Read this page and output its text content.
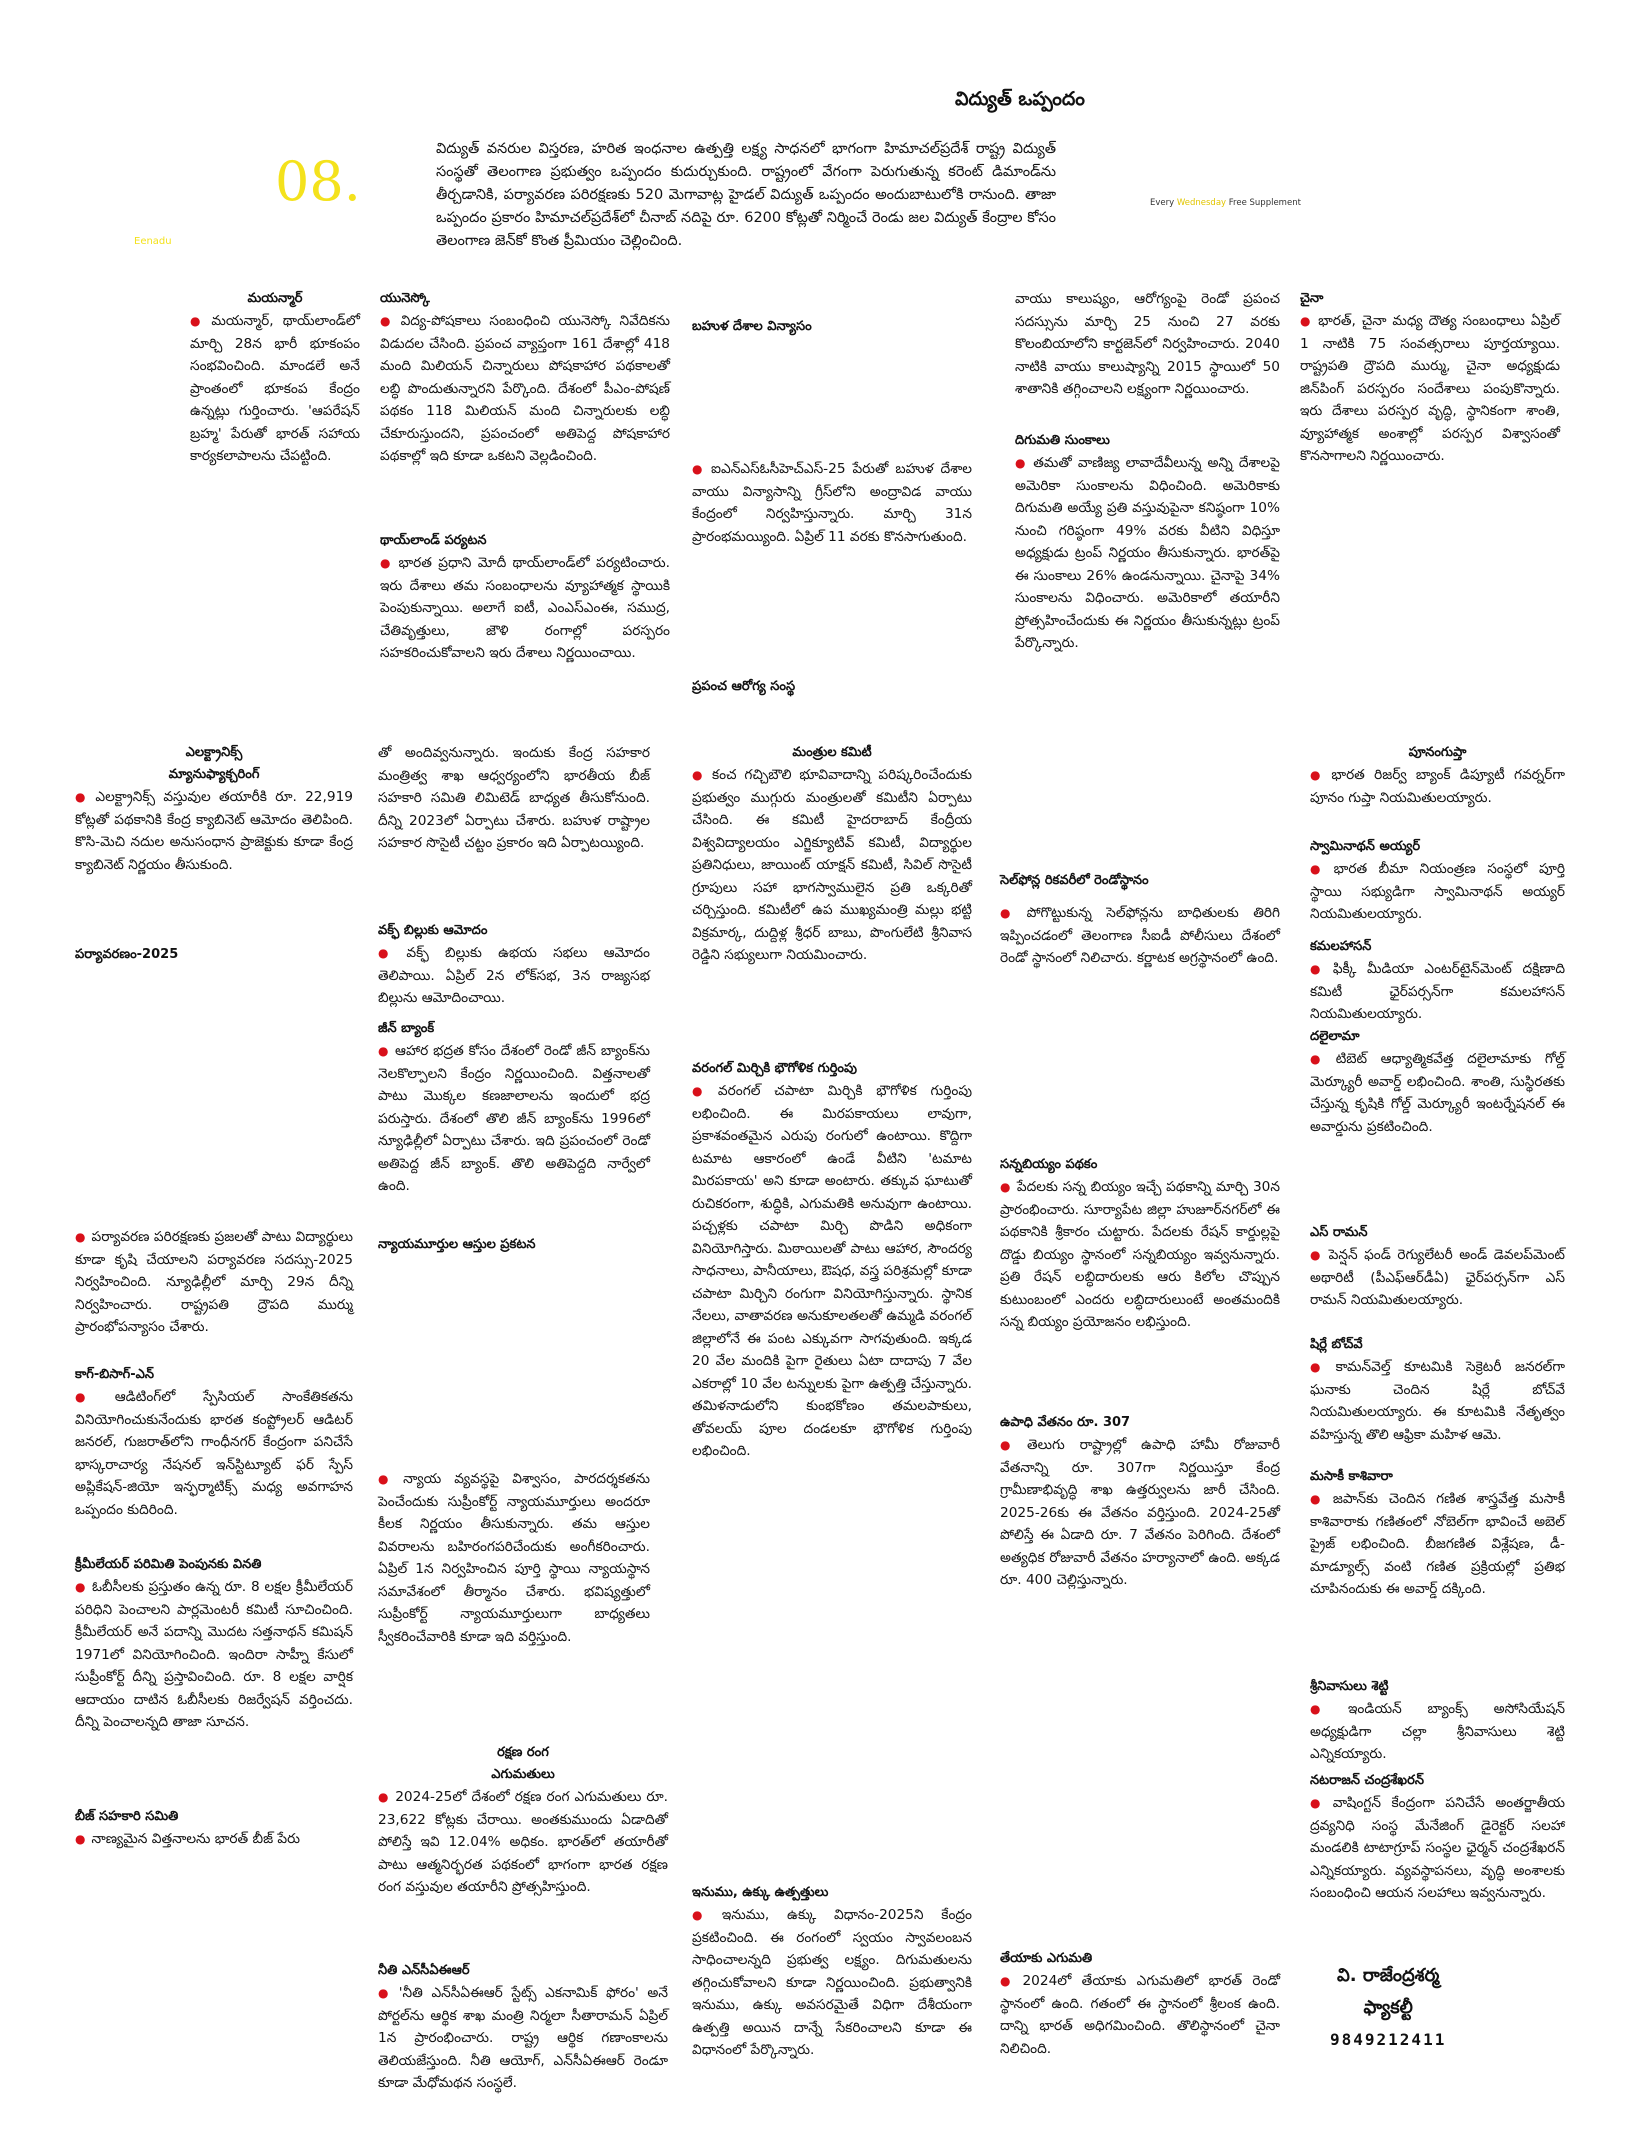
08.
Eenadu
విద్యుత్ ఒప్పందం
విద్యుత్ వనరుల విస్తరణ, హరిత ఇంధనాల ఉత్పత్తి లక్ష్య సాధనలో భాగంగా హిమాచల్‌ప్రదేశ్ రాష్ట్ర విద్యుత్ సంస్థతో తెలంగాణ ప్రభుత్వం ఒప్పందం కుదుర్చుకుంది. రాష్ట్రంలో వేగంగా పెరుగుతున్న కరెంట్ డిమాండ్‌ను తీర్చడానికి, పర్యావరణ పరిరక్షణకు 520 మెగావాట్ల హైడల్ విద్యుత్ ఒప్పందం అందుబాటులోకి రానుంది. తాజా ఒప్పందం ప్రకారం హిమాచల్‌ప్రదేశ్‌లో చీనాబ్ నదిపై రూ. 6200 కోట్లతో నిర్మించే రెండు జల విద్యుత్ కేంద్రాల కోసం తెలంగాణ జెన్‌కో కొంత ప్రీమియం చెల్లించింది.
Every Wednesday Free Supplement
మయన్మార్

● మయన్మార్, థాయ్‌లాండ్‌లో మార్చి 28న భారీ భూకంపం సంభవించింది. మాండలే అనే ప్రాంతంలో భూకంప కేంద్రం ఉన్నట్లు గుర్తించారు. 'ఆపరేషన్ బ్రహ్మ' పేరుతో భారత్ సహాయ కార్యకలాపాలను చేపట్టింది.

యునెస్కో

● విద్య-పోషకాలు సంబంధించి యునెస్కో నివేదికను విడుదల చేసింది. ప్రపంచ వ్యాప్తంగా 161 దేశాల్లో 418 మంది మిలియన్ చిన్నారులు పోషకాహార పథకాలతో లబ్ధి పొందుతున్నారని పేర్కొంది. దేశంలో పీఎం-పోషణ్ పథకం 118 మిలియన్ మంది చిన్నారులకు లబ్ధి చేకూరుస్తుందని, ప్రపంచంలో అతిపెద్ద పోషకాహార పథకాల్లో ఇది కూడా ఒకటని వెల్లడించింది.

థాయ్‌లాండ్ పర్యటన

● భారత ప్రధాని మోదీ థాయ్‌లాండ్‌లో పర్యటించారు. ఇరు దేశాలు తమ సంబంధాలను వ్యూహాత్మక స్థాయికి పెంపుకున్నాయి. అలాగే ఐటీ, ఎంఎస్ఎంఈ, సముద్ర, చేతివృత్తులు, జౌళి రంగాల్లో పరస్పరం సహకరించుకోవాలని ఇరు దేశాలు నిర్ణయించాయి.

బహుళ దేశాల విన్యాసం

● ఐఎన్ఎస్ఓసీహెచ్ఎస్-25 పేరుతో బహుళ దేశాల వాయు విన్యాసాన్ని గ్రీస్‌లోని అంద్రావిడ వాయు కేంద్రంలో నిర్వహిస్తున్నారు. మార్చి 31న ప్రారంభమయ్యింది. ఏప్రిల్ 11 వరకు కొనసాగుతుంది.

ప్రపంచ ఆరోగ్య సంస్థ

వాయు కాలుష్యం, ఆరోగ్యంపై రెండో ప్రపంచ సదస్సును మార్చి 25 నుంచి 27 వరకు కొలంబియాలోని కార్టజెన్‌లో నిర్వహించారు. 2040 నాటికి వాయు కాలుష్యాన్ని 2015 స్థాయిలో 50 శాతానికి తగ్గించాలని లక్ష్యంగా నిర్ణయించారు.

దిగుమతి సుంకాలు

● తమతో వాణిజ్య లావాదేవీలున్న అన్ని దేశాలపై అమెరికా సుంకాలను విధించింది. అమెరికాకు దిగుమతి అయ్యే ప్రతి వస్తువుపైనా కనిష్ఠంగా 10% నుంచి గరిష్ఠంగా 49% వరకు వీటిని విధిస్తూ అధ్యక్షుడు ట్రంప్ నిర్ణయం తీసుకున్నారు. భారత్‌పై ఈ సుంకాలు 26% ఉండనున్నాయి. చైనాపై 34% సుంకాలను విధించారు. అమెరికాలో తయారీని ప్రోత్సహించేందుకు ఈ నిర్ణయం తీసుకున్నట్లు ట్రంప్ పేర్కొన్నారు.

చైనా

● భారత్, చైనా మధ్య దౌత్య సంబంధాలు ఏప్రిల్ 1 నాటికి 75 సంవత్సరాలు పూర్తయ్యాయి. రాష్ట్రపతి ద్రౌపది ముర్ము, చైనా అధ్యక్షుడు జిన్‌పింగ్ పరస్పరం సందేశాలు పంపుకొన్నారు. ఇరు దేశాలు పరస్పర వృద్ధి, స్థానికంగా శాంతి, వ్యూహాత్మక అంశాల్లో పరస్పర విశ్వాసంతో కొనసాగాలని నిర్ణయించారు.

ఎలక్ట్రానిక్స్
మ్యానుఫ్యాక్చరింగ్

● ఎలక్ట్రానిక్స్ వస్తువుల తయారీకి రూ. 22,919 కోట్లతో పథకానికి కేంద్ర క్యాబినెట్ ఆమోదం తెలిపింది. కొసి-మెచి నదుల అనుసంధాన ప్రాజెక్టుకు కూడా కేంద్ర క్యాబినెట్ నిర్ణయం తీసుకుంది.

పర్యావరణం-2025

● పర్యావరణ పరిరక్షణకు ప్రజలతో పాటు విద్యార్థులు కూడా కృషి చేయాలని పర్యావరణ సదస్సు-2025 నిర్వహించింది. న్యూఢిల్లీలో మార్చి 29న దీన్ని నిర్వహించారు. రాష్ట్రపతి ద్రౌపది ముర్ము ప్రారంభోపన్యాసం చేశారు.

తో అందివ్వనున్నారు. ఇందుకు కేంద్ర సహకార మంత్రిత్వ శాఖ ఆధ్వర్యంలోని భారతీయ బీజ్ సహకారి సమితి లిమిటెడ్ బాధ్యత తీసుకోనుంది. దీన్ని 2023లో ఏర్పాటు చేశారు. బహుళ రాష్ట్రాల సహకార సొసైటీ చట్టం ప్రకారం ఇది ఏర్పాటయ్యింది.

వక్ఫ్ బిల్లుకు ఆమోదం

● వక్ఫ్ బిల్లుకు ఉభయ సభలు ఆమోదం తెలిపాయి. ఏప్రిల్ 2న లోక్‌సభ, 3న రాజ్యసభ బిల్లును ఆమోదించాయి.

జీన్ బ్యాంక్

● ఆహార భద్రత కోసం దేశంలో రెండో జీన్ బ్యాంక్‌ను నెలకొల్పాలని కేంద్రం నిర్ణయించింది. విత్తనాలతో పాటు మొక్కల కణజాలాలను ఇందులో భద్ర పరుస్తారు. దేశంలో తొలి జీన్ బ్యాంక్‌ను 1996లో న్యూఢిల్లీలో ఏర్పాటు చేశారు. ఇది ప్రపంచంలో రెండో అతిపెద్ద జీన్ బ్యాంక్. తొలి అతిపెద్దది నార్వేలో ఉంది.

న్యాయమూర్తుల ఆస్తుల ప్రకటన
మంత్రుల కమిటీ

● కంచ గచ్చిబౌలి భూవివాదాన్ని పరిష్కరించేందుకు ప్రభుత్వం ముగ్గురు మంత్రులతో కమిటీని ఏర్పాటు చేసింది. ఈ కమిటీ హైదరాబాద్ కేంద్రీయ విశ్వవిద్యాలయం ఎగ్జిక్యూటివ్ కమిటీ, విద్యార్థుల ప్రతినిధులు, జాయింట్ యాక్షన్ కమిటీ, సివిల్ సొసైటీ గ్రూపులు సహా భాగస్వాములైన ప్రతి ఒక్కరితో చర్చిస్తుంది. కమిటీలో ఉప ముఖ్యమంత్రి మల్లు భట్టి విక్రమార్క, దుద్దిళ్ల శ్రీధర్ బాబు, పొంగులేటి శ్రీనివాస రెడ్డిని సభ్యులుగా నియమించారు.

వరంగల్ మిర్చికి భౌగోళిక గుర్తింపు

● వరంగల్ చపాటా మిర్చికి భౌగోళిక గుర్తింపు లభించింది. ఈ మిరపకాయలు లావుగా, ప్రకాశవంతమైన ఎరుపు రంగులో ఉంటాయి. కొద్దిగా టమాట ఆకారంలో ఉండే వీటిని 'టమాట మిరపకాయ' అని కూడా అంటారు. తక్కువ ఘాటుతో రుచికరంగా, శుద్ధికి, ఎగుమతికి అనువుగా ఉంటాయి. పచ్చళ్లకు చపాటా మిర్చి పొడిని అధికంగా వినియోగిస్తారు. మిఠాయిలతో పాటు ఆహార, సౌందర్య సాధనాలు, పానీయాలు, ఔషధ, వస్త్ర పరిశ్రమల్లో కూడా చపాటా మిర్చిని రంగుగా వినియోగిస్తున్నారు. స్థానిక నేలలు, వాతావరణ అనుకూలతలతో ఉమ్మడి వరంగల్ జిల్లాలోనే ఈ పంట ఎక్కువగా సాగవుతుంది. ఇక్కడ 20 వేల మందికి పైగా రైతులు ఏటా దాదాపు 7 వేల ఎకరాల్లో 10 వేల టన్నులకు పైగా ఉత్పత్తి చేస్తున్నారు. తమిళనాడులోని కుంభకోణం తమలపాకులు, తోవలయ్ పూల దండలకూ భౌగోళిక గుర్తింపు లభించింది.

సెల్‌ఫోన్ల రికవరీలో రెండోస్థానం

● పోగొట్టుకున్న సెల్‌ఫోన్లను బాధితులకు తిరిగి ఇప్పించడంలో తెలంగాణ సీఐడీ పోలీసులు దేశంలో రెండో స్థానంలో నిలిచారు. కర్ణాటక అగ్రస్థానంలో ఉంది.

సన్నబియ్యం పథకం

● పేదలకు సన్న బియ్యం ఇచ్చే పథకాన్ని మార్చి 30న ప్రారంభించారు. సూర్యాపేట జిల్లా హుజూర్‌నగర్‌లో ఈ పథకానికి శ్రీకారం చుట్టారు. పేదలకు రేషన్ కార్డుల్లపై దొడ్డు బియ్యం స్థానంలో సన్నబియ్యం ఇవ్వనున్నారు. ప్రతి రేషన్ లబ్ధిదారులకు ఆరు కిలోల చొప్పున కుటుంబంలో ఎందరు లబ్ధిదారులుంటే అంతమందికి సన్న బియ్యం ప్రయోజనం లభిస్తుంది.

ఉపాధి వేతనం రూ. 307

● తెలుగు రాష్ట్రాల్లో ఉపాధి హామీ రోజువారీ వేతనాన్ని రూ. 307గా నిర్ణయిస్తూ కేంద్ర గ్రామీణాభివృద్ధి శాఖ ఉత్తర్వులను జారీ చేసింది. 2025-26కు ఈ వేతనం వర్తిస్తుంది. 2024-25తో పోలిస్తే ఈ ఏడాది రూ. 7 వేతనం పెరిగింది. దేశంలో అత్యధిక రోజువారీ వేతనం హర్యానాలో ఉంది. అక్కడ రూ. 400 చెల్లిస్తున్నారు.

పూనంగుప్తా

● భారత రిజర్వ్ బ్యాంక్ డిప్యూటీ గవర్నర్‌గా పూనం గుప్తా నియమితులయ్యారు.

స్వామినాథన్ అయ్యర్

● భారత బీమా నియంత్రణ సంస్థలో పూర్తి స్థాయి సభ్యుడిగా స్వామినాథన్ అయ్యర్ నియమితులయ్యారు.

కమలహాసన్

● ఫిక్కీ మీడియా ఎంటర్‌టైన్‌మెంట్ దక్షిణాది కమిటీ ఛైర్‌పర్సన్‌గా కమలహాసన్ నియమితులయ్యారు.

దలైలామా

● టిబెట్ ఆధ్యాత్మికవేత్త దలైలామాకు గోల్డ్ మెర్క్యూరీ అవార్డ్ లభించింది. శాంతి, సుస్థిరతకు చేస్తున్న కృషికి గోల్డ్ మెర్క్యూరీ ఇంటర్నేషనల్ ఈ అవార్డును ప్రకటించింది.

ఎస్ రామన్

● పెన్షన్ ఫండ్ రెగ్యులేటరీ అండ్ డెవలప్‌మెంట్ అథారిటీ (పీఎఫ్ఆర్‌డీఏ) ఛైర్‌పర్సన్‌గా ఎస్ రామన్ నియమితులయ్యారు.

షిర్లే బోచ్‌వే

● కామన్‌వెల్త్ కూటమికి సెక్రెటరీ జనరల్‌గా ఘనాకు చెందిన షిర్లే బోచ్‌వే నియమితులయ్యారు. ఈ కూటమికి నేతృత్వం వహిస్తున్న తొలి ఆఫ్రికా మహిళ ఆమె.

మసాకీ కాశివారా

● జపాన్‌కు చెందిన గణిత శాస్త్రవేత్త మసాకీ కాశివారాకు గణితంలో నోబెల్‌గా భావించే అబెల్ ప్రైజ్ లభించింది. బీజగణిత విశ్లేషణ, డీ-మాడ్యూల్స్ వంటి గణిత ప్రక్రియల్లో ప్రతిభ చూపినందుకు ఈ అవార్డ్ దక్కింది.

కాగ్-బిసాగ్-ఎన్

● ఆడిటింగ్‌లో స్పేసియల్ సాంకేతికతను వినియోగించుకునేందుకు భారత కంప్ట్రోలర్ ఆడిటర్ జనరల్, గుజరాత్‌లోని గాంధీనగర్ కేంద్రంగా పనిచేసే భాస్కరాచార్య నేషనల్ ఇన్‌స్టిట్యూట్ ఫర్ స్పేస్ అప్లికేషన్-జియో ఇన్ఫర్మాటిక్స్ మధ్య అవగాహన ఒప్పందం కుదిరింది.

క్రీమీలేయర్ పరిమితి పెంపునకు వినతి

● ఓబీసీలకు ప్రస్తుతం ఉన్న రూ. 8 లక్షల క్రీమీలేయర్ పరిధిని పెంచాలని పార్లమెంటరీ కమిటీ సూచించింది. క్రీమీలేయర్ అనే పదాన్ని మొదట సత్తనాథన్ కమిషన్ 1971లో వినియోగించింది. ఇందిరా సాహ్నీ కేసులో సుప్రీంకోర్ట్ దీన్ని ప్రస్తావించింది. రూ. 8 లక్షల వార్షిక ఆదాయం దాటిన ఓబీసీలకు రిజర్వేషన్ వర్తించదు. దీన్ని పెంచాలన్నది తాజా సూచన.

బీజ్ సహకారి సమితి

● నాణ్యమైన విత్తనాలను భారత్ బీజ్ పేరు

● న్యాయ వ్యవస్థపై విశ్వాసం, పారదర్శకతను పెంచేందుకు సుప్రీంకోర్ట్ న్యాయమూర్తులు అందరూ కీలక నిర్ణయం తీసుకున్నారు. తమ ఆస్తుల వివరాలను బహిరంగపరిచేందుకు అంగీకరించారు. ఏప్రిల్ 1న నిర్వహించిన పూర్తి స్థాయి న్యాయస్థాన సమావేశంలో తీర్మానం చేశారు. భవిష్యత్తులో సుప్రీంకోర్ట్ న్యాయమూర్తులుగా బాధ్యతలు స్వీకరించేవారికి కూడా ఇది వర్తిస్తుంది.

రక్షణ రంగ
ఎగుమతులు

● 2024-25లో దేశంలో రక్షణ రంగ ఎగుమతులు రూ. 23,622 కోట్లకు చేరాయి. అంతకుముందు ఏడాదితో పోలిస్తే ఇవి 12.04% అధికం. భారత్‌లో తయారీతో పాటు ఆత్మనిర్భరత పథకంలో భాగంగా భారత రక్షణ రంగ వస్తువుల తయారీని ప్రోత్సహిస్తుంది.

నీతి ఎన్‌సీఏఈఆర్

● 'నీతి ఎన్‌సీఏఈఆర్ స్టేట్స్ ఎకనామిక్ ఫోరం' అనే పోర్టల్‌ను ఆర్థిక శాఖ మంత్రి నిర్మలా సీతారామన్ ఏప్రిల్ 1న ప్రారంభించారు. రాష్ట్ర ఆర్థిక గణాంకాలను తెలియజేస్తుంది. నీతి ఆయోగ్, ఎన్‌సీఏఈఆర్ రెండూ కూడా మేధోమథన సంస్థలే.

ఇనుము, ఉక్కు ఉత్పత్తులు

● ఇనుము, ఉక్కు విధానం-2025ని కేంద్రం ప్రకటించింది. ఈ రంగంలో స్వయం స్వావలంబన సాధించాలన్నది ప్రభుత్వ లక్ష్యం. దిగుమతులను తగ్గించుకోవాలని కూడా నిర్ణయించింది. ప్రభుత్వానికి ఇనుము, ఉక్కు అవసరమైతే విధిగా దేశీయంగా ఉత్పత్తి అయిన దాన్నే సేకరించాలని కూడా ఈ విధానంలో పేర్కొన్నారు.

తేయాకు ఎగుమతి

● 2024లో తేయాకు ఎగుమతిలో భారత్ రెండో స్థానంలో ఉంది. గతంలో ఈ స్థానంలో శ్రీలంక ఉంది. దాన్ని భారత్ అధిగమించింది. తొలిస్థానంలో చైనా నిలిచింది.

శ్రీనివాసులు శెట్టి

● ఇండియన్ బ్యాంక్స్ అసోసియేషన్ అధ్యక్షుడిగా చల్లా శ్రీనివాసులు శెట్టి ఎన్నికయ్యారు.

నటరాజన్ చంద్రశేఖరన్

● వాషింగ్టన్ కేంద్రంగా పనిచేసే అంతర్జాతీయ ద్రవ్యనిధి సంస్థ మేనేజింగ్ డైరెక్టర్ సలహా మండలికి టాటాగ్రూప్ సంస్థల ఛైర్మన్ చంద్రశేఖరన్ ఎన్నికయ్యారు. వ్యవస్థాపనలు, వృద్ధి అంశాలకు సంబంధించి ఆయన సలహాలు ఇవ్వనున్నారు.

వి. రాజేంద్రశర్మ
ఫ్యాకల్టీ
9849212411
